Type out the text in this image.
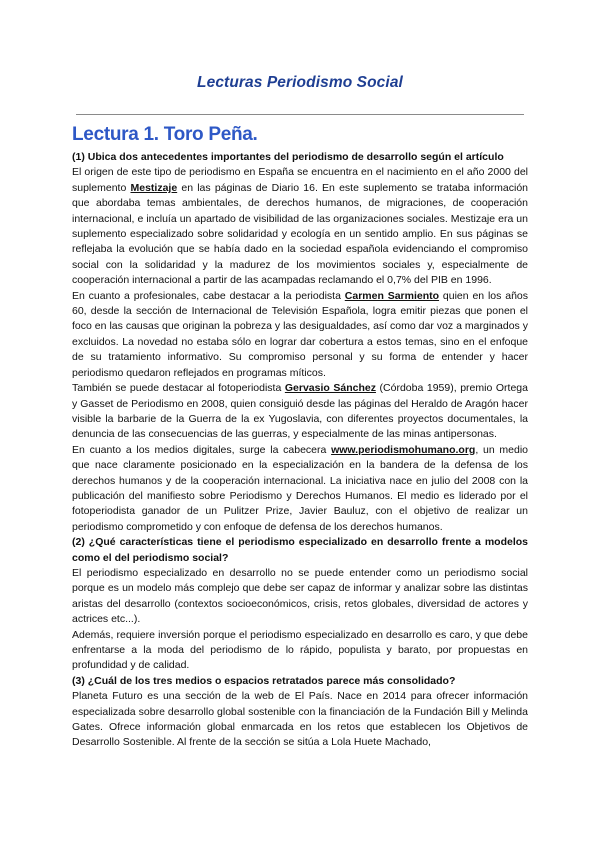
Lecturas Periodismo Social
Lectura 1. Toro Peña.

(1) Ubica dos antecedentes importantes del periodismo de desarrollo según el artículo

El origen de este tipo de periodismo en España se encuentra en el nacimiento en el año 2000 del suplemento Mestizaje en las páginas de Diario 16. En este suplemento se trataba información que abordaba temas ambientales, de derechos humanos, de migraciones, de cooperación internacional, e incluía un apartado de visibilidad de las organizaciones sociales. Mestizaje era un suplemento especializado sobre solidaridad y ecología en un sentido amplio. En sus páginas se reflejaba la evolución que se había dado en la sociedad española evidenciando el compromiso social con la solidaridad y la madurez de los movimientos sociales y, especialmente de cooperación internacional a partir de las acampadas reclamando el 0,7% del PIB en 1996.

En cuanto a profesionales, cabe destacar a la periodista Carmen Sarmiento quien en los años 60, desde la sección de Internacional de Televisión Española, logra emitir piezas que ponen el foco en las causas que originan la pobreza y las desigualdades, así como dar voz a marginados y excluidos. La novedad no estaba sólo en lograr dar cobertura a estos temas, sino en el enfoque de su tratamiento informativo. Su compromiso personal y su forma de entender y hacer periodismo quedaron reflejados en programas míticos.

También se puede destacar al fotoperiodista Gervasio Sánchez (Córdoba 1959), premio Ortega y Gasset de Periodismo en 2008, quien consiguió desde las páginas del Heraldo de Aragón hacer visible la barbarie de la Guerra de la ex Yugoslavia, con diferentes proyectos documentales, la denuncia de las consecuencias de las guerras, y especialmente de las minas antipersonas.

En cuanto a los medios digitales, surge la cabecera www.periodismohumano.org, un medio que nace claramente posicionado en la especialización en la bandera de la defensa de los derechos humanos y de la cooperación internacional. La iniciativa nace en julio del 2008 con la publicación del manifiesto sobre Periodismo y Derechos Humanos. El medio es liderado por el fotoperiodista ganador de un Pulitzer Prize, Javier Bauluz, con el objetivo de realizar un periodismo comprometido y con enfoque de defensa de los derechos humanos.

(2) ¿Qué características tiene el periodismo especializado en desarrollo frente a modelos como el del periodismo social?

El periodismo especializado en desarrollo no se puede entender como un periodismo social porque es un modelo más complejo que debe ser capaz de informar y analizar sobre las distintas aristas del desarrollo (contextos socioeconómicos, crisis, retos globales, diversidad de actores y actrices etc...).

Además, requiere inversión porque el periodismo especializado en desarrollo es caro, y que debe enfrentarse a la moda del periodismo de lo rápido, populista y barato, por propuestas en profundidad y de calidad.

(3) ¿Cuál de los tres medios o espacios retratados parece más consolidado?

Planeta Futuro es una sección de la web de El País. Nace en 2014 para ofrecer información especializada sobre desarrollo global sostenible con la financiación de la Fundación Bill y Melinda Gates. Ofrece información global enmarcada en los retos que establecen los Objetivos de Desarrollo Sostenible. Al frente de la sección se sitúa a Lola Huete Machado,
